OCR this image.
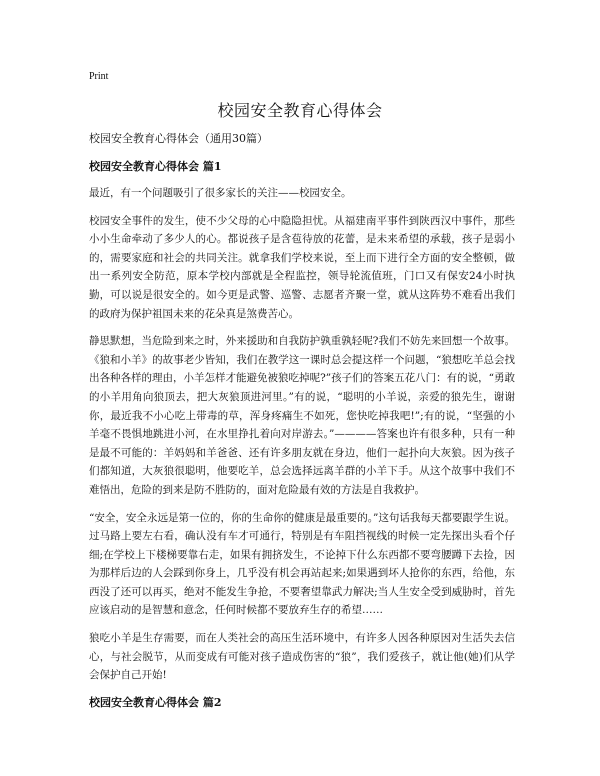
Print
校园安全教育心得体会
校园安全教育心得体会（通用30篇）
校园安全教育心得体会 篇1

最近，有一个问题吸引了很多家长的关注——校园安全。

校园安全事件的发生，使不少父母的心中隐隐担忧。从福建南平事件到陕西汉中事件，那些小小生命牵动了多少人的心。都说孩子是含苞待放的花蕾，是未来希望的承载，孩子是弱小的，需要家庭和社会的共同关注。就拿我们学校来说，至上而下进行全方面的安全整顿，做出一系列安全防范，原本学校内部就是全程监控，领导轮流值班，门口又有保安24小时执勤，可以说是很安全的。如今更是武警、巡警、志愿者齐聚一堂，就从这阵势不难看出我们的政府为保护祖国未来的花朵真是煞费苦心。

静思默想，当危险到来之时，外来援助和自我防护孰重孰轻呢?我们不妨先来回想一个故事。《狼和小羊》的故事老少皆知，我们在教学这一课时总会提这样一个问题，“狼想吃羊总会找出各种各样的理由，小羊怎样才能避免被狼吃掉呢?”孩子们的答案五花八门：有的说，“勇敢的小羊用角向狼顶去，把大灰狼顶进河里。”有的说，“聪明的小羊说，亲爱的狼先生，谢谢你，最近我不小心吃上带毒的草，浑身疼痛生不如死，您快吃掉我吧!”;有的说，“坚强的小羊毫不畏惧地跳进小河，在水里挣扎着向对岸游去。”————答案也许有很多种，只有一种是最不可能的：羊妈妈和羊爸爸、还有许多朋友就在身边，他们一起扑向大灰狼。因为孩子们都知道，大灰狼很聪明，他要吃羊，总会选择远离羊群的小羊下手。从这个故事中我们不难悟出，危险的到来是防不胜防的，面对危险最有效的方法是自我救护。

“安全，安全永远是第一位的，你的生命你的健康是最重要的。”这句话我每天都要跟学生说。过马路上要左右看，确认没有车才可通行，特别是有车阻挡视线的时候一定先探出头看个仔细;在学校上下楼梯要靠右走，如果有拥挤发生，不论掉下什么东西都不要弯腰蹲下去捡，因为那样后边的人会踩到你身上，几乎没有机会再站起来;如果遇到坏人抢你的东西，给他，东西没了还可以再买，绝对不能发生争抢，不要奢望靠武力解决;当人生安全受到威胁时，首先应该启动的是智慧和意念，任何时候都不要放弃生存的希望……

狼吃小羊是生存需要，而在人类社会的高压生活环境中，有许多人因各种原因对生活失去信心，与社会脱节，从而变成有可能对孩子造成伤害的“狼”，我们爱孩子，就让他(她)们从学会保护自己开始!

校园安全教育心得体会 篇2
